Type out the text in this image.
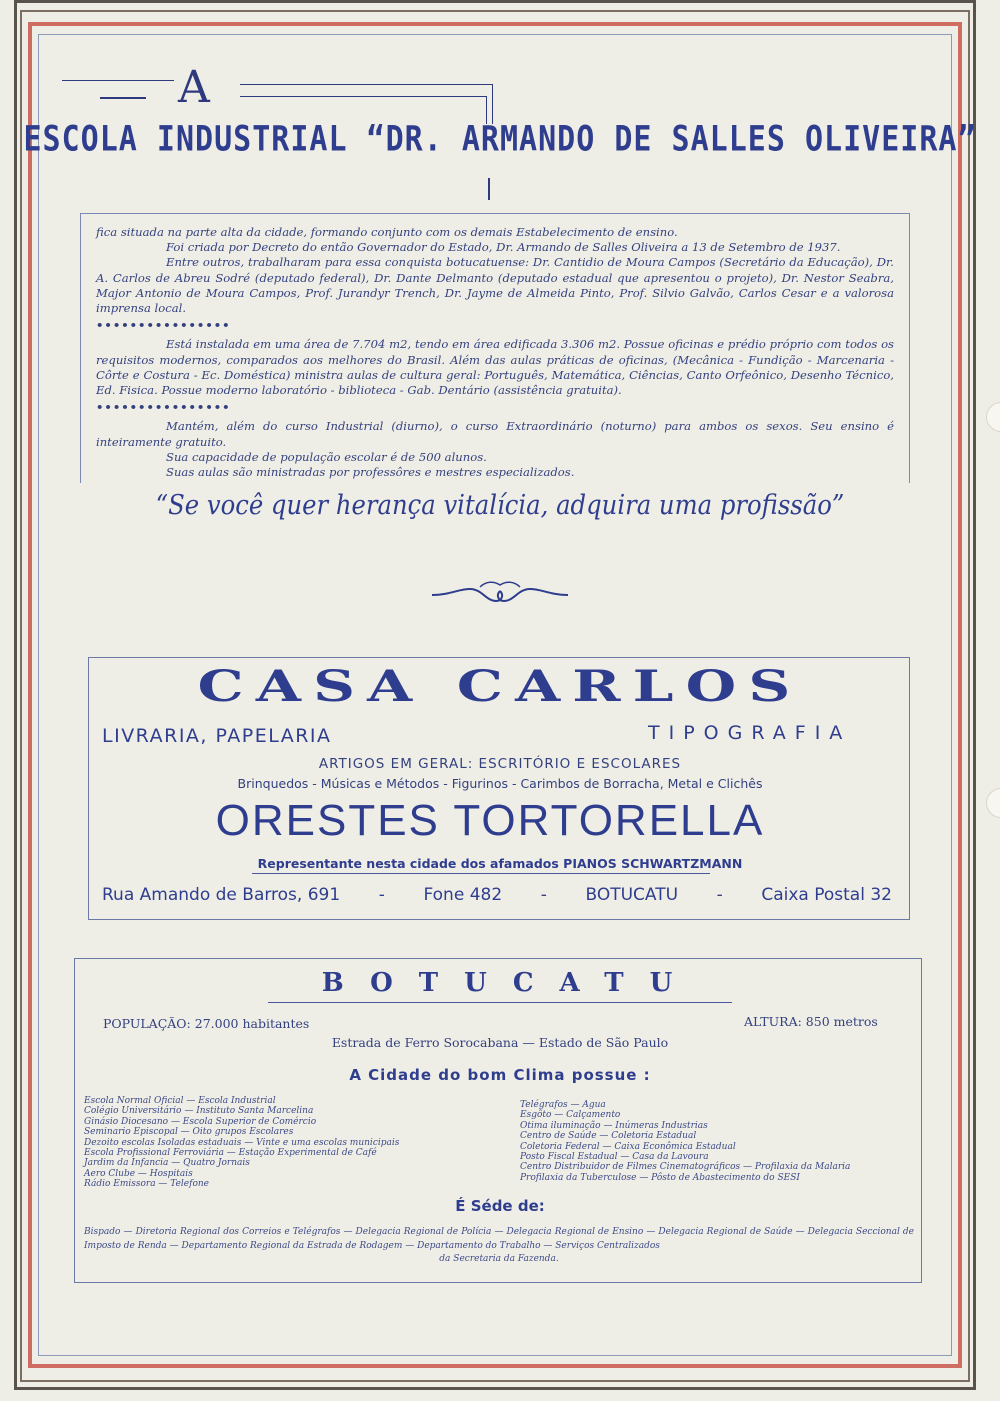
A
ESCOLA INDUSTRIAL “DR. ARMANDO DE SALLES OLIVEIRA”

fica situada na parte alta da cidade, formando conjunto com os demais Estabelecimento de ensino.

Foi criada por Decreto do então Governador do Estado, Dr. Armando de Salles Oliveira a 13 de Setembro de 1937.

Entre outros, trabalharam para essa conquista botucatuense: Dr. Cantidio de Moura Campos (Secretário da Educação), Dr. A. Carlos de Abreu Sodré (deputado federal), Dr. Dante Delmanto (deputado estadual que apresentou o projeto), Dr. Nestor Seabra, Major Antonio de Moura Campos, Prof. Jurandyr Trench, Dr. Jayme de Almeida Pinto, Prof. Silvio Galvão, Carlos Cesar e a valorosa imprensa local.

••••••••••••••••

Está instalada em uma área de 7.704 m2, tendo em área edificada 3.306 m2. Possue oficinas e prédio próprio com todos os requisitos modernos, comparados aos melhores do Brasil. Além das aulas práticas de oficinas, (Mecânica - Fundição - Marcenaria - Côrte e Costura - Ec. Doméstica) ministra aulas de cultura geral: Português, Matemática, Ciências, Canto Orfeônico, Desenho Técnico, Ed. Fisica. Possue moderno laboratório - biblioteca - Gab. Dentário (assistência gratuita).

••••••••••••••••

Mantém, além do curso Industrial (diurno), o curso Extraordinário (noturno) para ambos os sexos. Seu ensino é inteiramente gratuito.

Sua capacidade de população escolar é de 500 alunos.

Suas aulas são ministradas por professôres e mestres especializados.

“Se você quer herança vitalícia, adquira uma profissão”
CASA CARLOS
LIVRARIA, PAPELARIA	TIPOGRAFIA
ARTIGOS EM GERAL: ESCRITÓRIO E ESCOLARES
Brinquedos - Músicas e Métodos - Figurinos - Carimbos de Borracha, Metal e Clichês
ORESTES TORTORELLA
Representante nesta cidade dos afamados PIANOS SCHWARTZMANN
Rua Amando de Barros, 691 - Fone 482 - BOTUCATU - Caixa Postal 32
BOTUCATU
POPULAÇÃO: 27.000 habitantes	ALTURA: 850 metros
Estrada de Ferro Sorocabana — Estado de São Paulo
A Cidade do bom Clima possue :
Escola Normal Oficial — Escola Industrial
Colégio Universitário — Instituto Santa Marcelina
Ginásio Diocesano — Escola Superior de Comércio
Seminario Episcopal — Oito grupos Escolares
Dezoito escolas Isoladas estaduais — Vinte e uma escolas municipais
Escola Profissional Ferroviária — Estação Experimental de Café
Jardim da Infancia — Quatro Jornais
Aero Clube — Hospitais
Rádio Emissora — Telefone
Telégrafos — Agua
Esgôto — Calçamento
Otima iluminação — Inúmeras Industrias
Centro de Saúde — Coletoria Estadual
Coletoria Federal — Caixa Econômica Estadual
Posto Fiscal Estadual — Casa da Lavoura
Centro Distribuidor de Filmes Cinematográficos — Profilaxia da Malaria
Profilaxia da Tuberculose — Pôsto de Abastecimento do SESI
É Séde de:
Bispado — Diretoria Regional dos Correios e Telégrafos — Delegacia Regional de Polícia — Delegacia Regional de Ensino — Delegacia Regional de Saúde — Delegacia Seccional de Imposto de Renda — Departamento Regional da Estrada de Rodagem — Departamento do Trabalho — Serviços Centralizados
da Secretaria da Fazenda.
